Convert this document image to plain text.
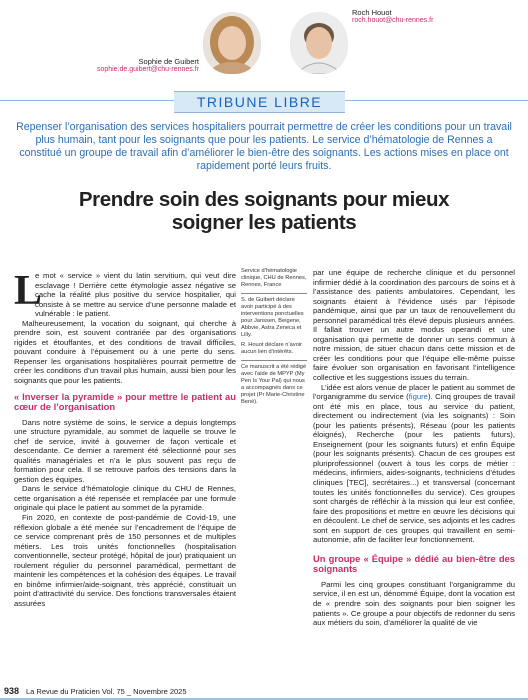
Sophie de Guibert
sophie.de.guibert@chu-rennes.fr
Roch Houot
roch.houot@chu-rennes.fr
TRIBUNE LIBRE
Repenser l’organisation des services hospitaliers pourrait permettre de créer les conditions pour un travail plus humain, tant pour les soignants que pour les patients. Le service d’hématologie de Rennes a constitué un groupe de travail afin d’améliorer le bien-être des soignants. Les actions mises en place ont rapidement porté leurs fruits.
Prendre soin des soignants pour mieux soigner les patients
L

e mot « service » vient du latin servitium, qui veut dire esclavage ! Derrière cette étymologie assez négative se cache la réalité plus positive du service hospitalier, qui consiste à se mettre au service d’une personne malade et vulnérable : le patient.

Malheureusement, la vocation du soignant, qui cherche à prendre soin, est souvent contrariée par des organisations rigides et étouffantes, et des conditions de travail difficiles, pouvant conduire à l’épuisement ou à une perte du sens. Repenser les organisations hospitalières pourrait permettre de créer les conditions d’un travail plus humain, aussi bien pour les soignants que pour les patients.

« Inverser la pyramide » pour mettre le patient au cœur de l’organisation

Dans notre système de soins, le service a depuis longtemps une structure pyramidale, au sommet de laquelle se trouve le chef de service, invité à gouverner de façon verticale et descendante. Ce dernier a rarement été sélectionné pour ses qualités managériales et n’a le plus souvent pas reçu de formation pour cela. Il se retrouve parfois des tensions dans la gestion des équipes.

Dans le service d’hématologie clinique du CHU de Rennes, cette organisation a été repensée et remplacée par une formule originale qui place le patient au sommet de la pyramide.

Fin 2020, en contexte de post-pandémie de Covid-19, une réflexion globale a été menée sur l’encadrement de l’équipe de ce service comprenant près de 150 personnes et de multiples métiers. Les trois unités fonctionnelles (hospitalisation conventionnelle, secteur protégé, hôpital de jour) pratiquaient un roulement régulier du personnel paramédical, permettant de maintenir les compétences et la cohésion des équipes. Le travail en binôme infirmier/aide-soignant, très apprécié, constituait un point d’attractivité du service. Des fonctions transversales étaient assurées

Service d’hématologie clinique, CHU de Rennes, Rennes, France
S. de Guibert déclare avoir participé à des interventions ponctuelles pour Janssen, Beigene, Abbvie, Astra Zeneca et Lilly.
R. Houot déclare n’avoir aucun lien d’intérêts.
Ce manuscrit a été rédigé avec l’aide de MPYP (My Pen Is Your Pal) qui nous a accompagnés dans ce projet (Pr Marie-Christine Bené).

par une équipe de recherche clinique et du personnel infirmier dédié à la coordination des parcours de soins et à l’assistance des patients ambulatoires. Cependant, les soignants étaient à l’évidence usés par l’épisode pandémique, ainsi que par un taux de renouvellement du personnel paramédical très élevé depuis plusieurs années. Il fallait trouver un autre modus operandi et une organisation qui permette de donner un sens commun à notre mission, de situer chacun dans cette mission et de créer les conditions pour que l’équipe elle-même puisse faire évoluer son organisation en favorisant l’intelligence collective et les suggestions issues du terrain.

L’idée est alors venue de placer le patient au sommet de l’organigramme du service (figure). Cinq groupes de travail ont été mis en place, tous au service du patient, directement ou indirectement (via les soignants) : Soin (pour les patients présents), Réseau (pour les patients éloignés), Recherche (pour les patients futurs), Enseignement (pour les soignants futurs) et enfin Équipe (pour les soignants présents). Chacun de ces groupes est pluriprofessionnel (ouvert à tous les corps de métier : médecins, infirmiers, aides-soignants, techniciens d’études cliniques [TEC], secrétaires...) et transversal (concernant toutes les unités fonctionnelles du service). Ces groupes sont chargés de réfléchir à la mission qui leur est confiée, faire des propositions et mettre en œuvre les décisions qui en découlent. Le chef de service, ses adjoints et les cadres sont en support de ces groupes qui travaillent en semi-autonomie, afin de faciliter leur fonctionnement.

Un groupe « Équipe » dédié au bien-être des soignants

Parmi les cinq groupes constituant l’organigramme du service, il en est un, dénommé Équipe, dont la vocation est de « prendre soin des soignants pour bien soigner les patients ». Ce groupe a pour objectifs de redonner du sens aux métiers du soin, d’améliorer la qualité de vie

938 La Revue du Praticien Vol. 75 _ Novembre 2025
